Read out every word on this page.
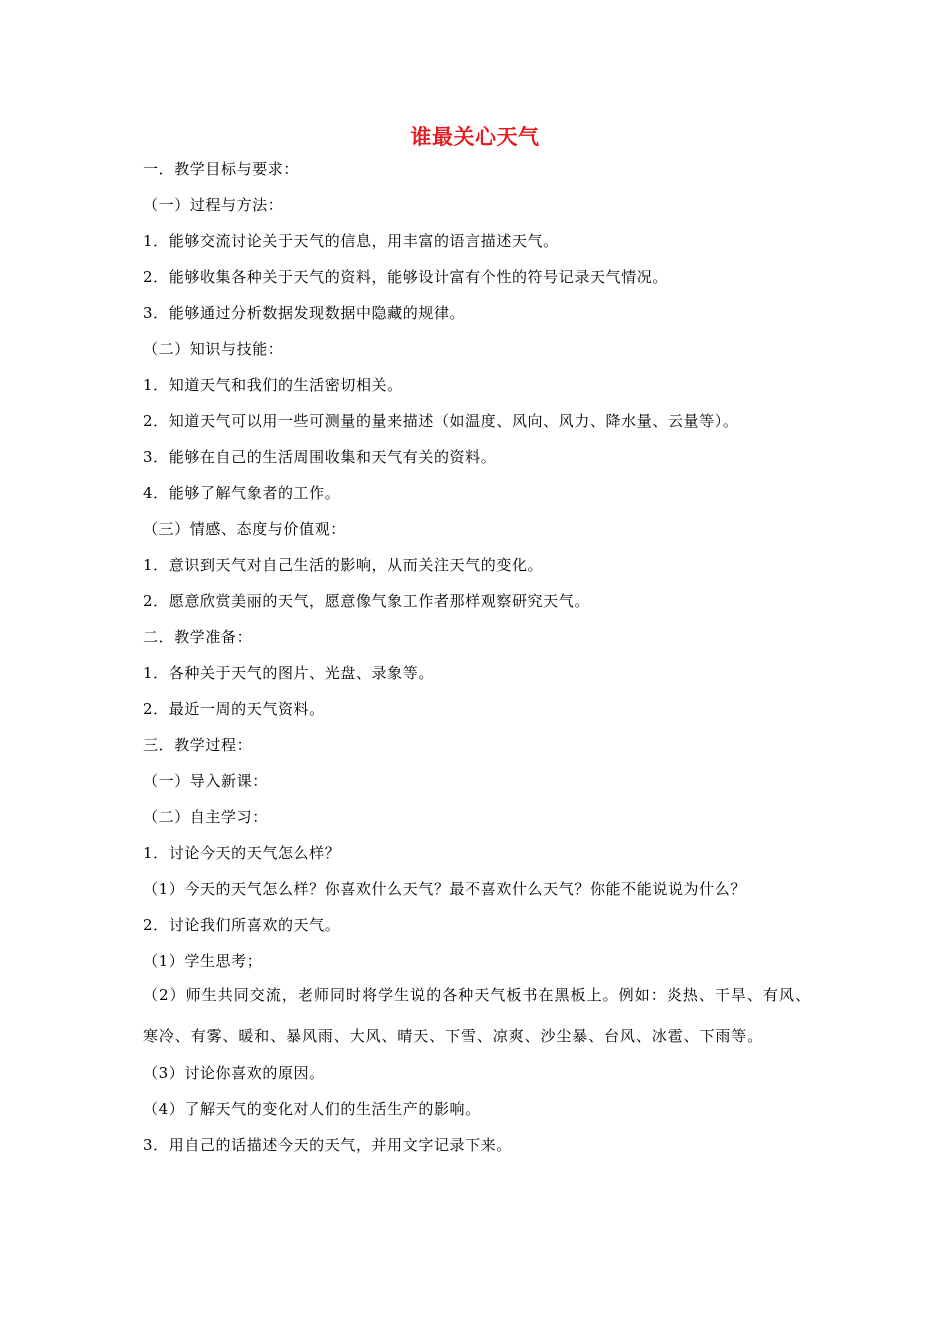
谁最关心天气
一．教学目标与要求：
（一）过程与方法：
1．能够交流讨论关于天气的信息，用丰富的语言描述天气。
2．能够收集各种关于天气的资料，能够设计富有个性的符号记录天气情况。
3．能够通过分析数据发现数据中隐藏的规律。
（二）知识与技能：
1．知道天气和我们的生活密切相关。
2．知道天气可以用一些可测量的量来描述（如温度、风向、风力、降水量、云量等）。
3．能够在自己的生活周围收集和天气有关的资料。
4．能够了解气象者的工作。
（三）情感、态度与价值观：
1．意识到天气对自己生活的影响，从而关注天气的变化。
2．愿意欣赏美丽的天气，愿意像气象工作者那样观察研究天气。
二．教学准备：
1．各种关于天气的图片、光盘、录象等。
2．最近一周的天气资料。
三．教学过程：
（一）导入新课：
（二）自主学习：
1．讨论今天的天气怎么样？
（1）今天的天气怎么样？你喜欢什么天气？最不喜欢什么天气？你能不能说说为什么？
2．讨论我们所喜欢的天气。
（1）学生思考；
（2）师生共同交流，老师同时将学生说的各种天气板书在黑板上。例如：炎热、干旱、有风、寒冷、有雾、暖和、暴风雨、大风、晴天、下雪、凉爽、沙尘暴、台风、冰雹、下雨等。
（3）讨论你喜欢的原因。
（4）了解天气的变化对人们的生活生产的影响。
3．用自己的话描述今天的天气，并用文字记录下来。
